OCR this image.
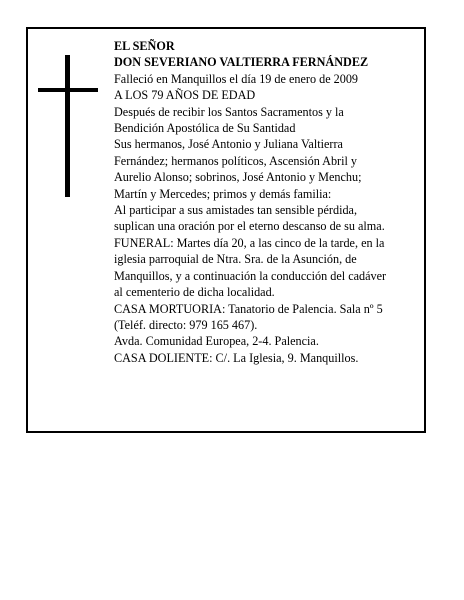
EL SEÑOR
DON SEVERIANO VALTIERRA FERNÁNDEZ
Falleció en Manquillos el día 19 de enero de 2009
A LOS 79 AÑOS DE EDAD
Después de recibir los Santos Sacramentos y la
Bendición Apostólica de Su Santidad
Sus hermanos, José Antonio y Juliana Valtierra
Fernández; hermanos políticos, Ascensión Abril y
Aurelio Alonso; sobrinos, José Antonio y Menchu;
Martín y Mercedes; primos y demás familia:
Al participar a sus amistades tan sensible pérdida,
suplican una oración por el eterno descanso de su alma.
FUNERAL: Martes día 20, a las cinco de la tarde, en la
iglesia parroquial de Ntra. Sra. de la Asunción, de
Manquillos, y a continuación la conducción del cadáver
al cementerio de dicha localidad.
CASA MORTUORIA: Tanatorio de Palencia. Sala nº 5
(Teléf. directo: 979 165 467).
Avda. Comunidad Europea, 2-4. Palencia.
CASA DOLIENTE: C/. La Iglesia, 9. Manquillos.
